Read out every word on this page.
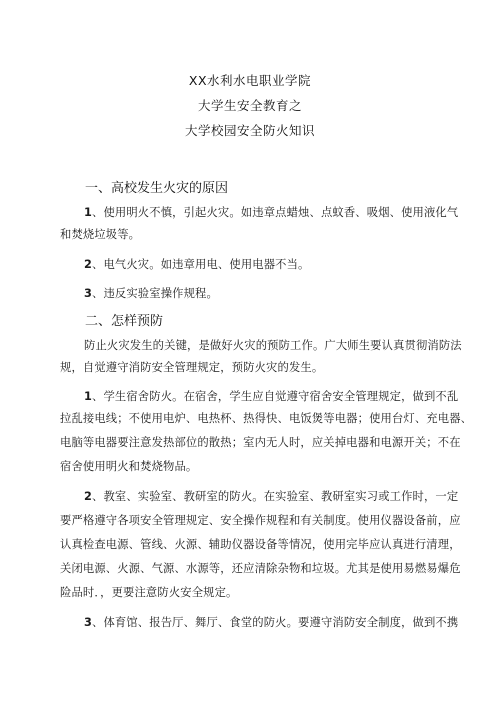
XX水利水电职业学院
大学生安全教育之
大学校园安全防火知识
一、高校发生火灾的原因
1、使用明火不慎，引起火灾。如违章点蜡烛、点蚊香、吸烟、使用液化气
和焚烧垃圾等。
2、电气火灾。如违章用电、使用电器不当。
3、违反实验室操作规程。
二、怎样预防
防止火灾发生的关键，是做好火灾的预防工作。广大师生要认真贯彻消防法
规，自觉遵守消防安全管理规定，预防火灾的发生。
1、学生宿舍防火。在宿舍，学生应自觉遵守宿舍安全管理规定，做到不乱
拉乱接电线；不使用电炉、电热杯、热得快、电饭煲等电器；使用台灯、充电器、
电脑等电器要注意发热部位的散热；室内无人时，应关掉电器和电源开关；不在
宿舍使用明火和焚烧物品。
2、教室、实验室、教研室的防火。在实验室、教研室实习或工作时，一定
要严格遵守各项安全管理规定、安全操作规程和有关制度。使用仪器设备前，应
认真检查电源、管线、火源、辅助仪器设备等情况，使用完毕应认真进行清理，
关闭电源、火源、气源、水源等，还应清除杂物和垃圾。尤其是使用易燃易爆危
险品时．，更要注意防火安全规定。
3、体育馆、报告厅、舞厅、食堂的防火。要遵守消防安全制度，做到不携
